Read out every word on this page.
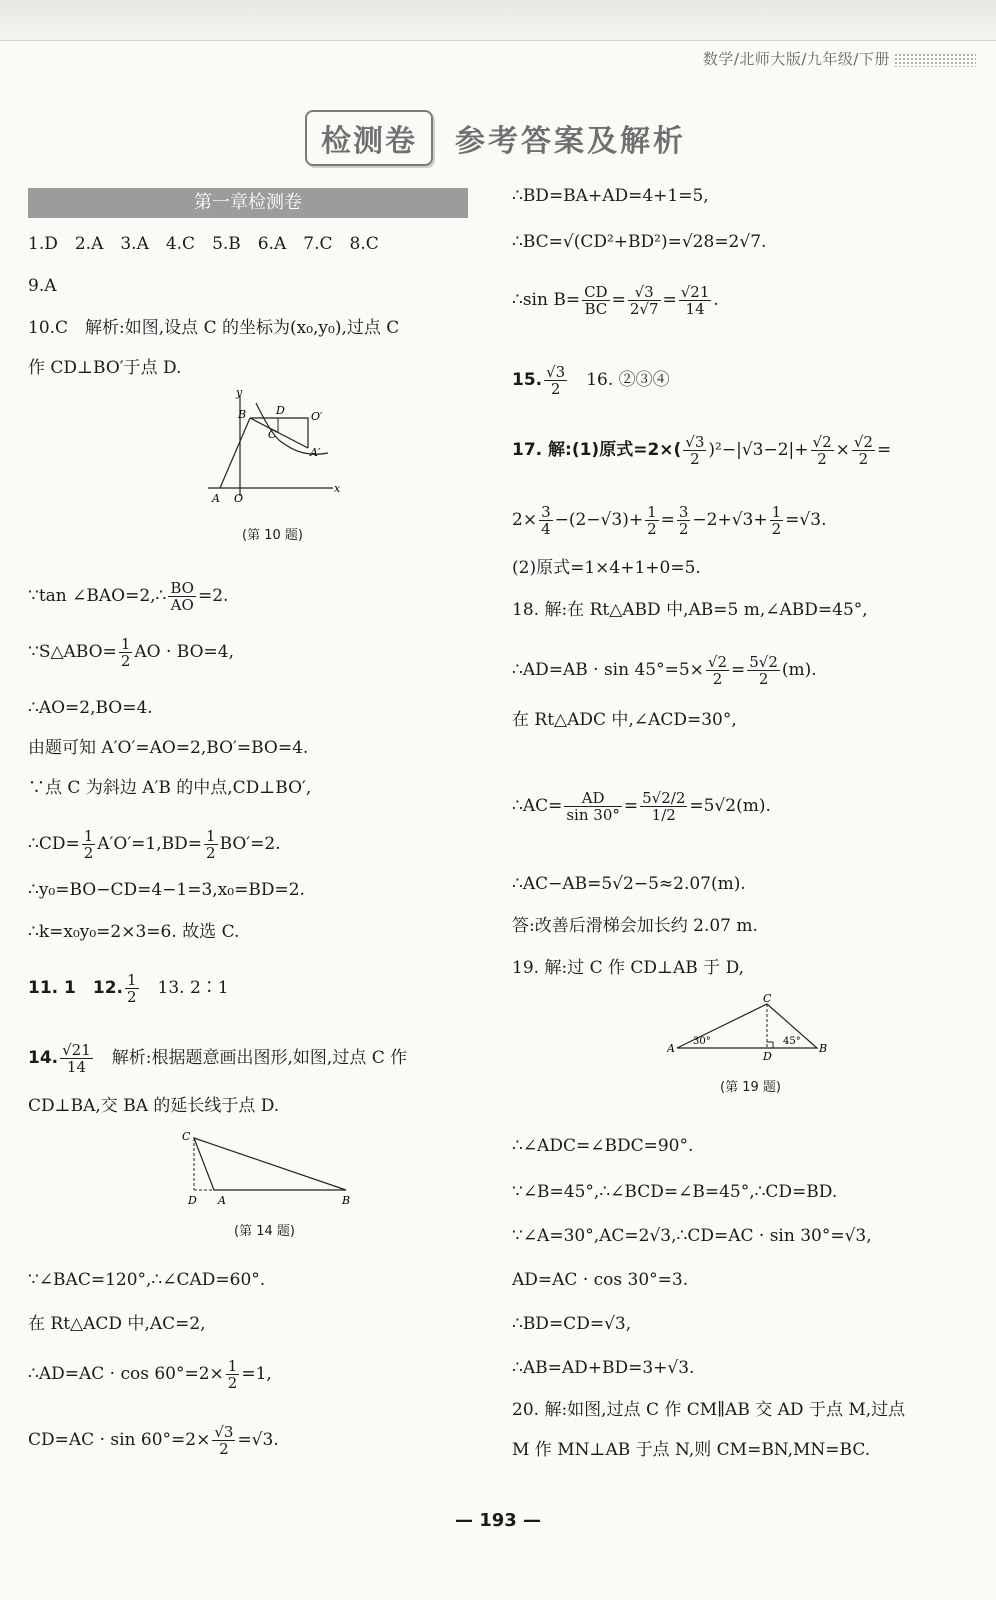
数学/北师大版/九年级/下册
检测卷	参考答案及解析
第一章检测卷
1.D　2.A　3.A　4.C　5.B　6.A　7.C　8.C
9.A
10.C　解析:如图,设点 C 的坐标为(x₀,y₀),过点 C
作 CD⊥BO′于点 D.
y
x
B	D O′
C
A′
A O
(第 10 题)
∵tan ∠BAO=2,∴ $\frac{BO}{AO} =2$.
∵S△ABO= $\frac{1}{2}$ AO · BO=4,
∴AO=2,BO=4.
由题可知 A′O′=AO=2,BO′=BO=4.
∵点 C 为斜边 A′B 的中点,CD⊥BO′,
∴CD= $\frac{1}{2} A'O'=1,BD= \frac{1}{2} BO'=2$.
∴y₀=BO−CD=4−1=3,x₀=BD=2.
∴k=x₀y₀=2×3=6. 故选 C.
11. 1　12. $\frac{1}{2}$ 　13. 2∶1
14. $\frac{√21}{14}$ 　解析:根据题意画出图形,如图,过点 C 作
CD⊥BA,交 BA 的延长线于点 D.
C
D A	B
(第 14 题)
∵∠BAC=120°,∴∠CAD=60°.
在 Rt△ACD 中,AC=2,
∴AD=AC · $\cos 60^\circ=2\times \frac{1}{2} =1$,
$CD=AC \cdot \sin 60^\circ=2\times \frac{√3}{2} =√3$.
∴BD=BA+AD=4+1=5,
∴BC=√(CD²+BD²)=√28=2√7.
∴sin $B= \frac{CD}{BC} = \frac{√3}{2√7} = \frac{√21}{14}$ .
15. $\frac{√3}{2}$ 　16. ②③④
17. 解:(1)原式$=2\times( \frac{√3}{2} )^2-|√3-2|+ \frac{√2}{2} \times \frac{√2}{2}$ =
$2\times \frac{3}{4} -(2-√3)+ \frac{1}{2} = \frac{3}{2} -2+√3+ \frac{1}{2} =√3$.
(2)原式=1×4+1+0=5.
18. 解:在 Rt△ABD 中,AB=5 m,∠ABD=45°,
∴AD=AB · $\sin 45^\circ=5\times \frac{√2}{2} = \frac{5√2}{2} (m)$.
在 Rt△ADC 中,∠ACD=30°,
∴AC= $\frac{AD}{\sin 30^\circ} = \frac{5√2/2}{1/2} =5√2(m)$.
∴AC−AB=5√2−5≈2.07(m).
答:改善后滑梯会加长约 2.07 m.
19. 解:过 C 作 CD⊥AB 于 D,
C
A
D
B
30°	45°
(第 19 题)
∴∠ADC=∠BDC=90°.
∵∠B=45°,∴∠BCD=∠B=45°,∴CD=BD.
∵∠A=30°,AC=2√3,∴CD=AC · sin 30°=√3,
AD=AC · cos 30°=3.
∴BD=CD=√3,
∴AB=AD+BD=3+√3.
20. 解:如图,过点 C 作 CM∥AB 交 AD 于点 M,过点
M 作 MN⊥AB 于点 N,则 CM=BN,MN=BC.
— 193 —
